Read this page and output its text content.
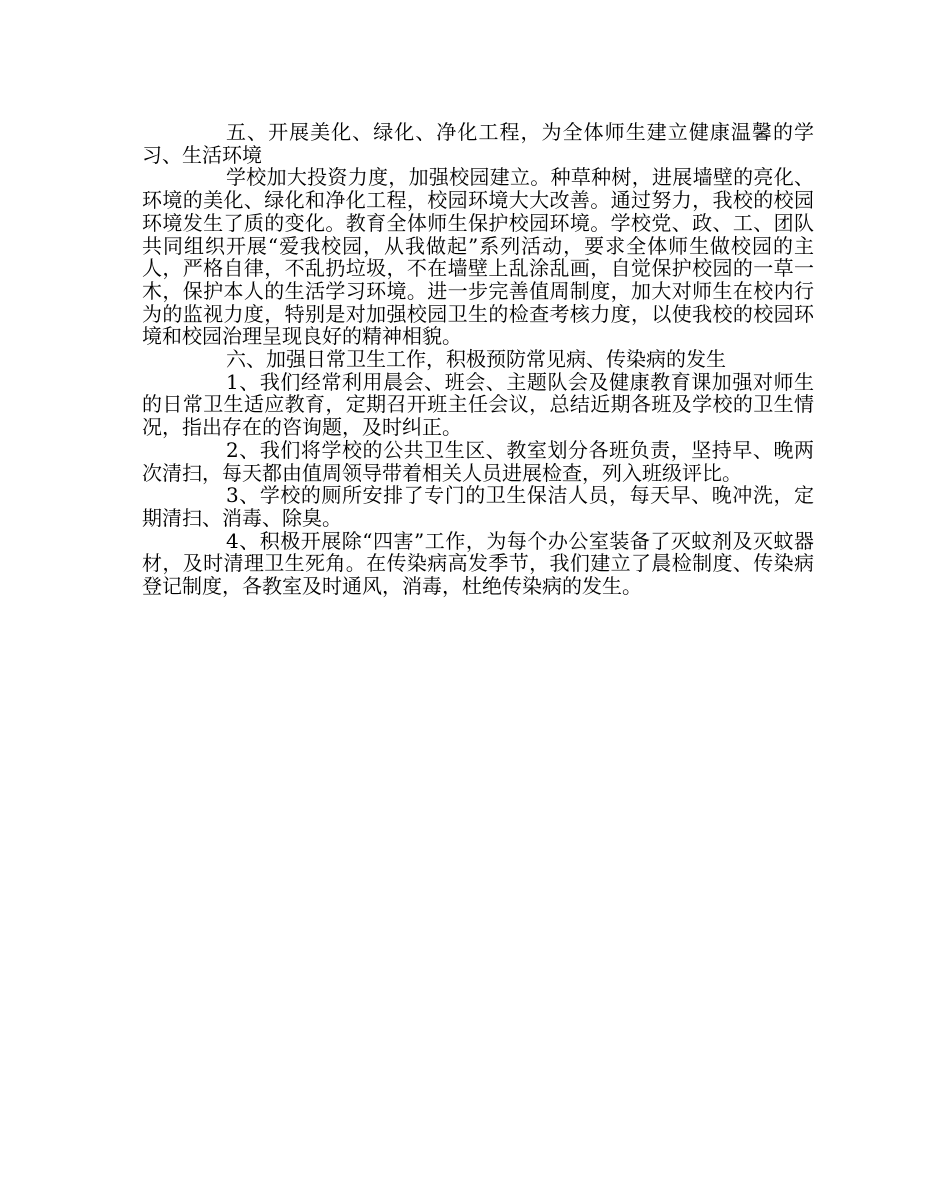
五、开展美化、绿化、净化工程，为全体师生建立健康温馨的学习、生活环境

学校加大投资力度，加强校园建立。种草种树，进展墙壁的亮化、环境的美化、绿化和净化工程，校园环境大大改善。通过努力，我校的校园环境发生了质的变化。教育全体师生保护校园环境。学校党、政、工、团队共同组织开展“爱我校园，从我做起”系列活动，要求全体师生做校园的主人，严格自律，不乱扔垃圾，不在墙壁上乱涂乱画，自觉保护校园的一草一木，保护本人的生活学习环境。进一步完善值周制度，加大对师生在校内行为的监视力度，特别是对加强校园卫生的检查考核力度，以使我校的校园环境和校园治理呈现良好的精神相貌。

六、加强日常卫生工作，积极预防常见病、传染病的发生

1、我们经常利用晨会、班会、主题队会及健康教育课加强对师生的日常卫生适应教育，定期召开班主任会议，总结近期各班及学校的卫生情况，指出存在的咨询题，及时纠正。

2、我们将学校的公共卫生区、教室划分各班负责，坚持早、晚两次清扫，每天都由值周领导带着相关人员进展检查，列入班级评比。

3、学校的厕所安排了专门的卫生保洁人员，每天早、晚冲洗，定期清扫、消毒、除臭。

4、积极开展除“四害”工作，为每个办公室装备了灭蚊剂及灭蚊器材，及时清理卫生死角。在传染病高发季节，我们建立了晨检制度、传染病登记制度，各教室及时通风，消毒，杜绝传染病的发生。
